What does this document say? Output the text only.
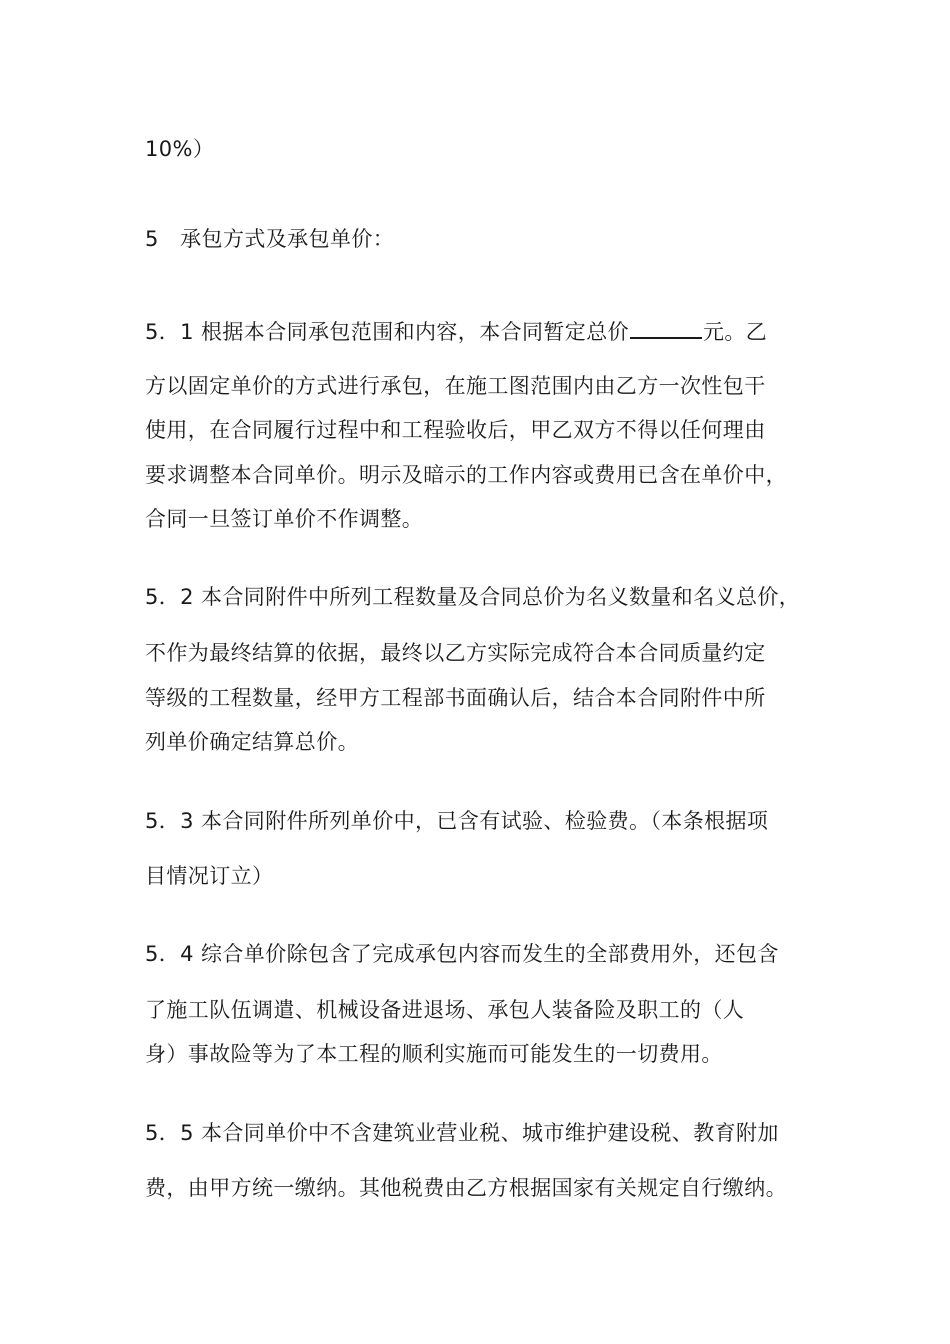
10%）
5　承包方式及承包单价：
5．1 根据本合同承包范围和内容，本合同暂定总价	元。乙
方以固定单价的方式进行承包，在施工图范围内由乙方一次性包干
使用，在合同履行过程中和工程验收后，甲乙双方不得以任何理由
要求调整本合同单价。明示及暗示的工作内容或费用已含在单价中，
合同一旦签订单价不作调整。
5．2 本合同附件中所列工程数量及合同总价为名义数量和名义总价，
不作为最终结算的依据，最终以乙方实际完成符合本合同质量约定
等级的工程数量，经甲方工程部书面确认后，结合本合同附件中所
列单价确定结算总价。
5．3 本合同附件所列单价中，已含有试验、检验费。（本条根据项
目情况订立）
5．4 综合单价除包含了完成承包内容而发生的全部费用外，还包含
了施工队伍调遣、机械设备进退场、承包人装备险及职工的（人
身）事故险等为了本工程的顺利实施而可能发生的一切费用。
5．5 本合同单价中不含建筑业营业税、城市维护建设税、教育附加
费，由甲方统一缴纳。其他税费由乙方根据国家有关规定自行缴纳。
